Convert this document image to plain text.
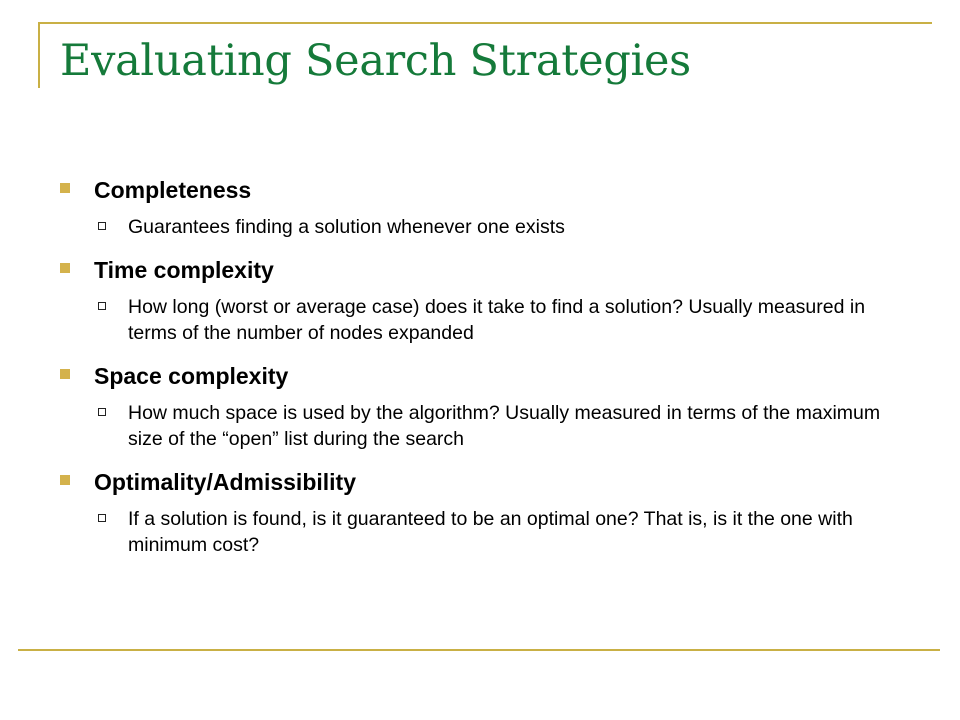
Evaluating Search Strategies
Completeness
Guarantees finding a solution whenever one exists
Time complexity
How long (worst or average case) does it take to find a solution? Usually measured in terms of the number of nodes expanded
Space complexity
How much space is used by the algorithm? Usually measured in terms of the maximum size of the “open” list during the search
Optimality/Admissibility
If a solution is found, is it guaranteed to be an optimal one? That is, is it the one with minimum cost?
